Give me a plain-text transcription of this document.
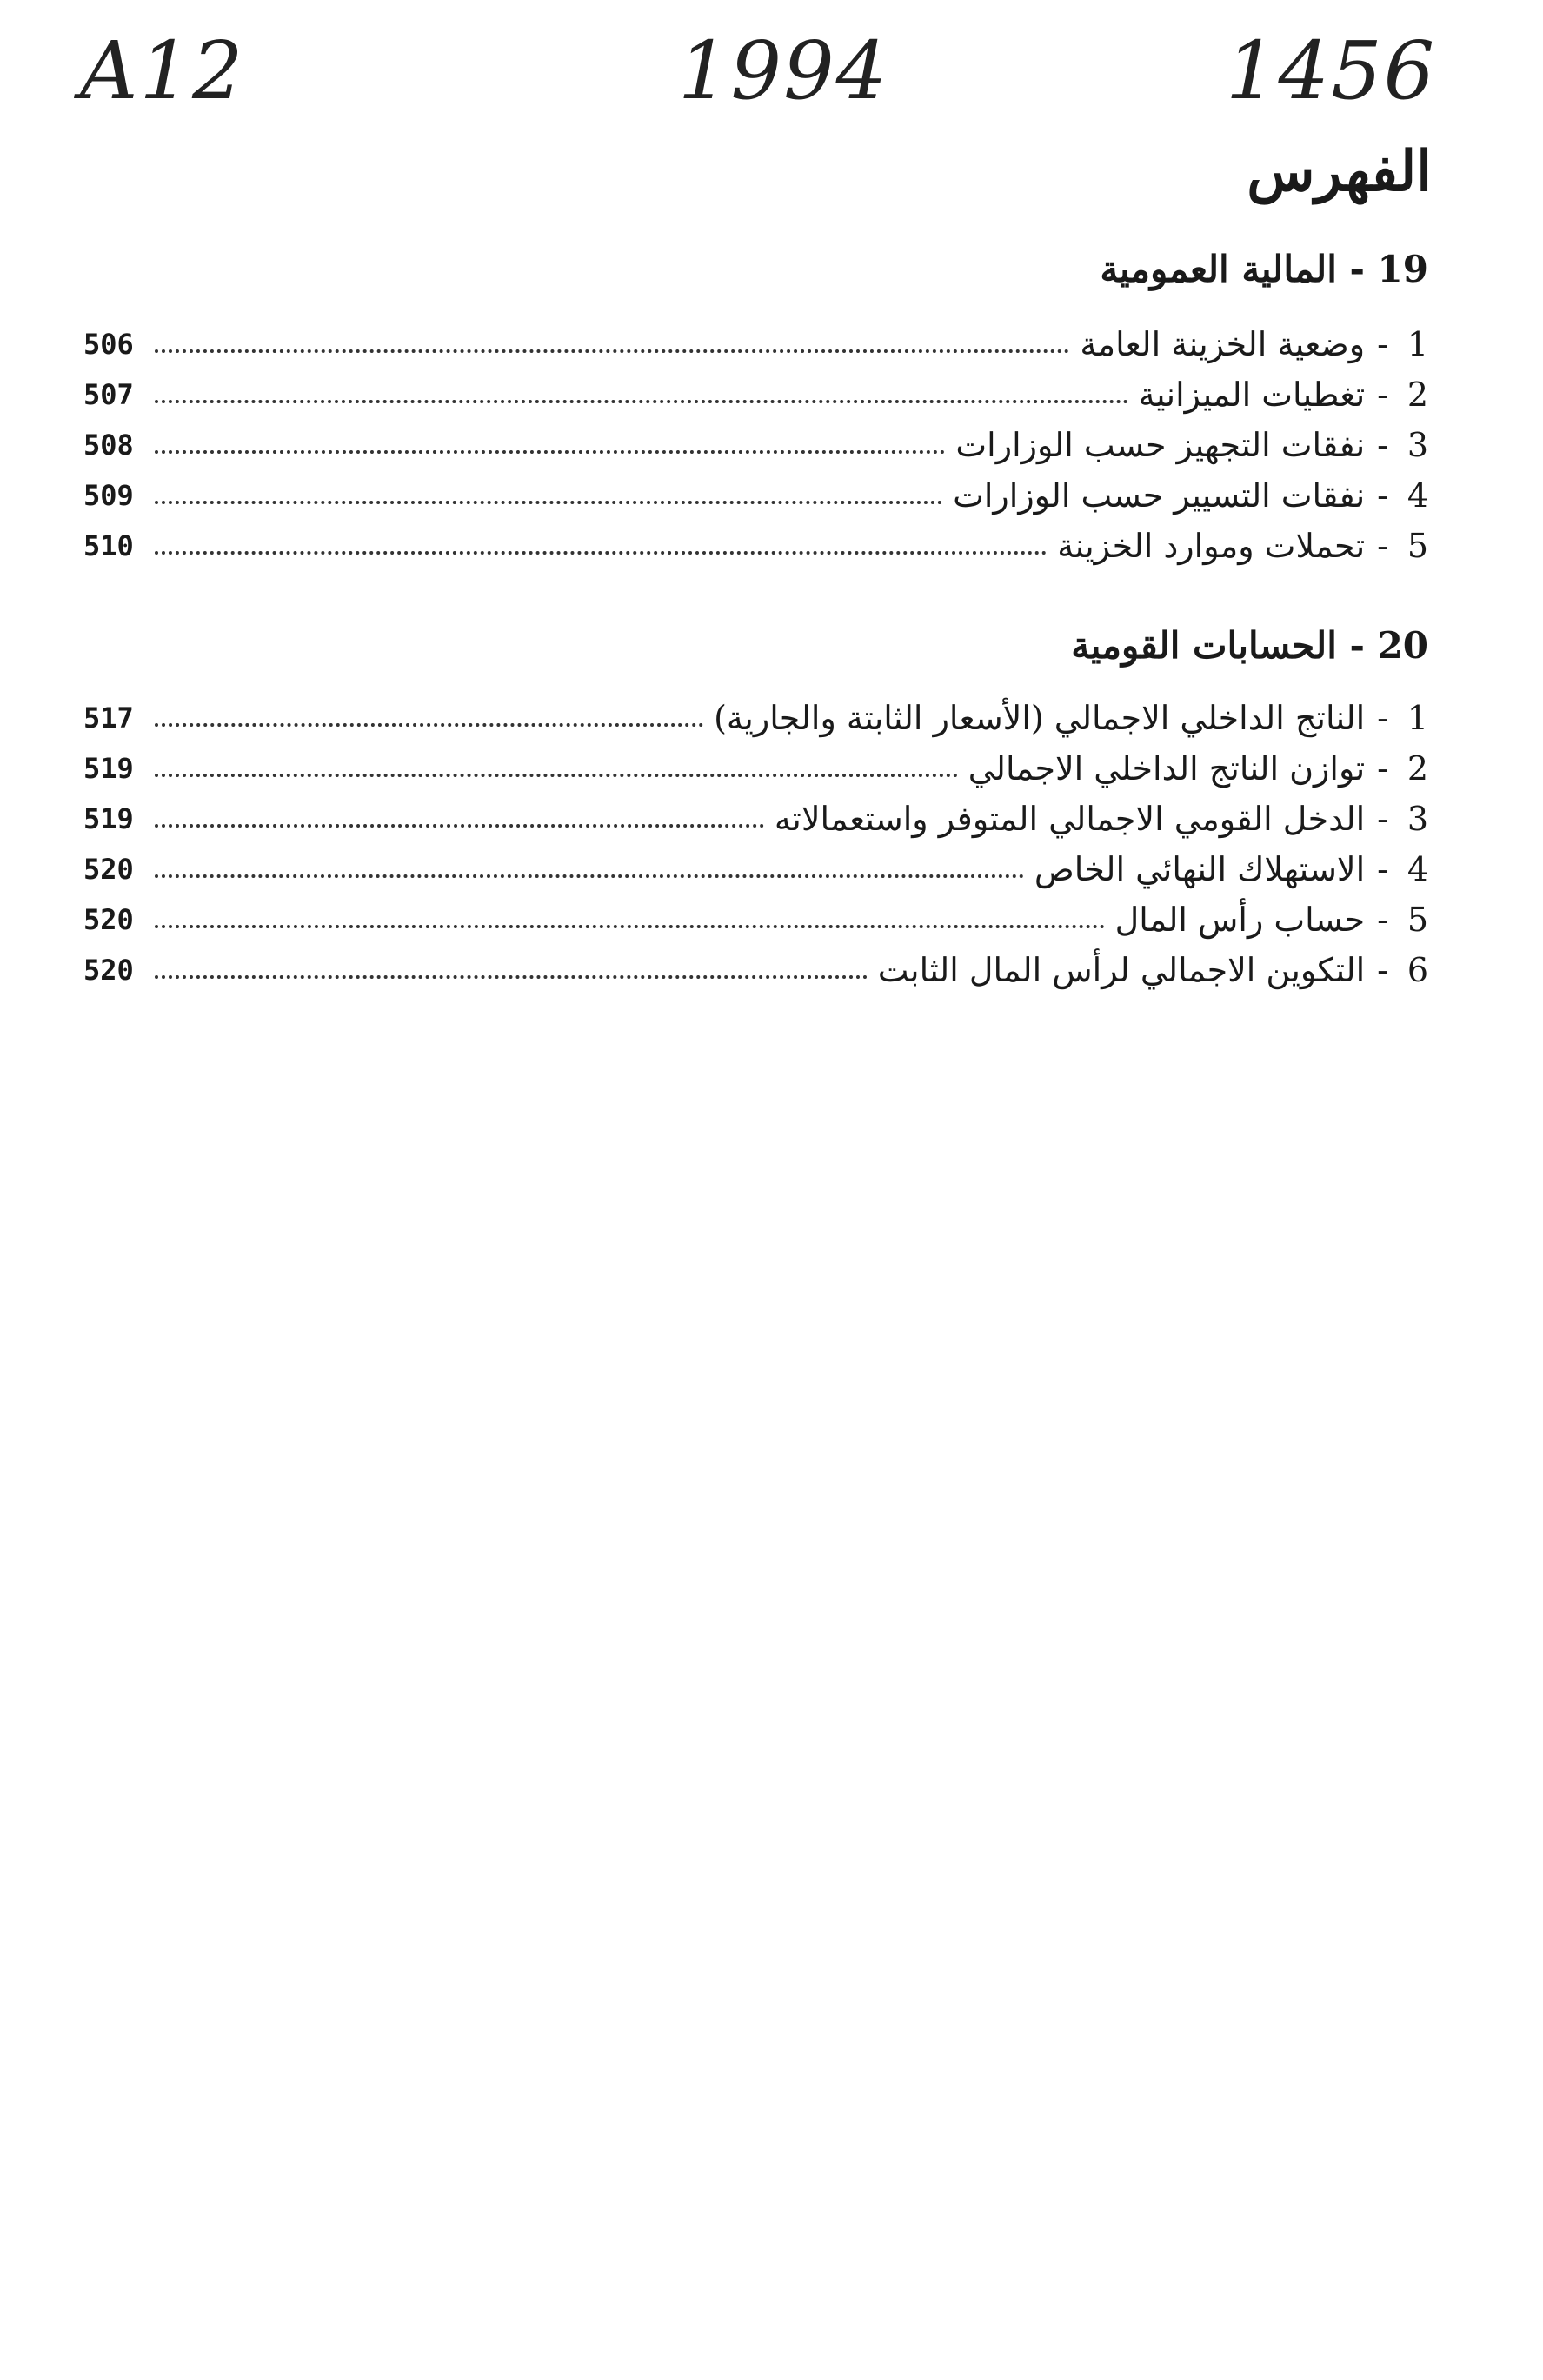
A12	1994	1456
الفهرس
19 - المالية العمومية
1
-
وضعية الخزينة العامة
506
2
-
تغطيات الميزانية
507
3
-
نفقات التجهيز حسب الوزارات
508
4
-
نفقات التسيير حسب الوزارات
509
5
-
تحملات وموارد الخزينة
510
20 - الحسابات القومية
1
-
الناتج الداخلي الاجمالي (الأسعار الثابتة والجارية)
517
2
-
توازن الناتج الداخلي الاجمالي
519
3
-
الدخل القومي الاجمالي المتوفر واستعمالاته
519
4
-
الاستهلاك النهائي الخاص
520
5
-
حساب رأس المال
520
6
-
التكوين الاجمالي لرأس المال الثابت
520
